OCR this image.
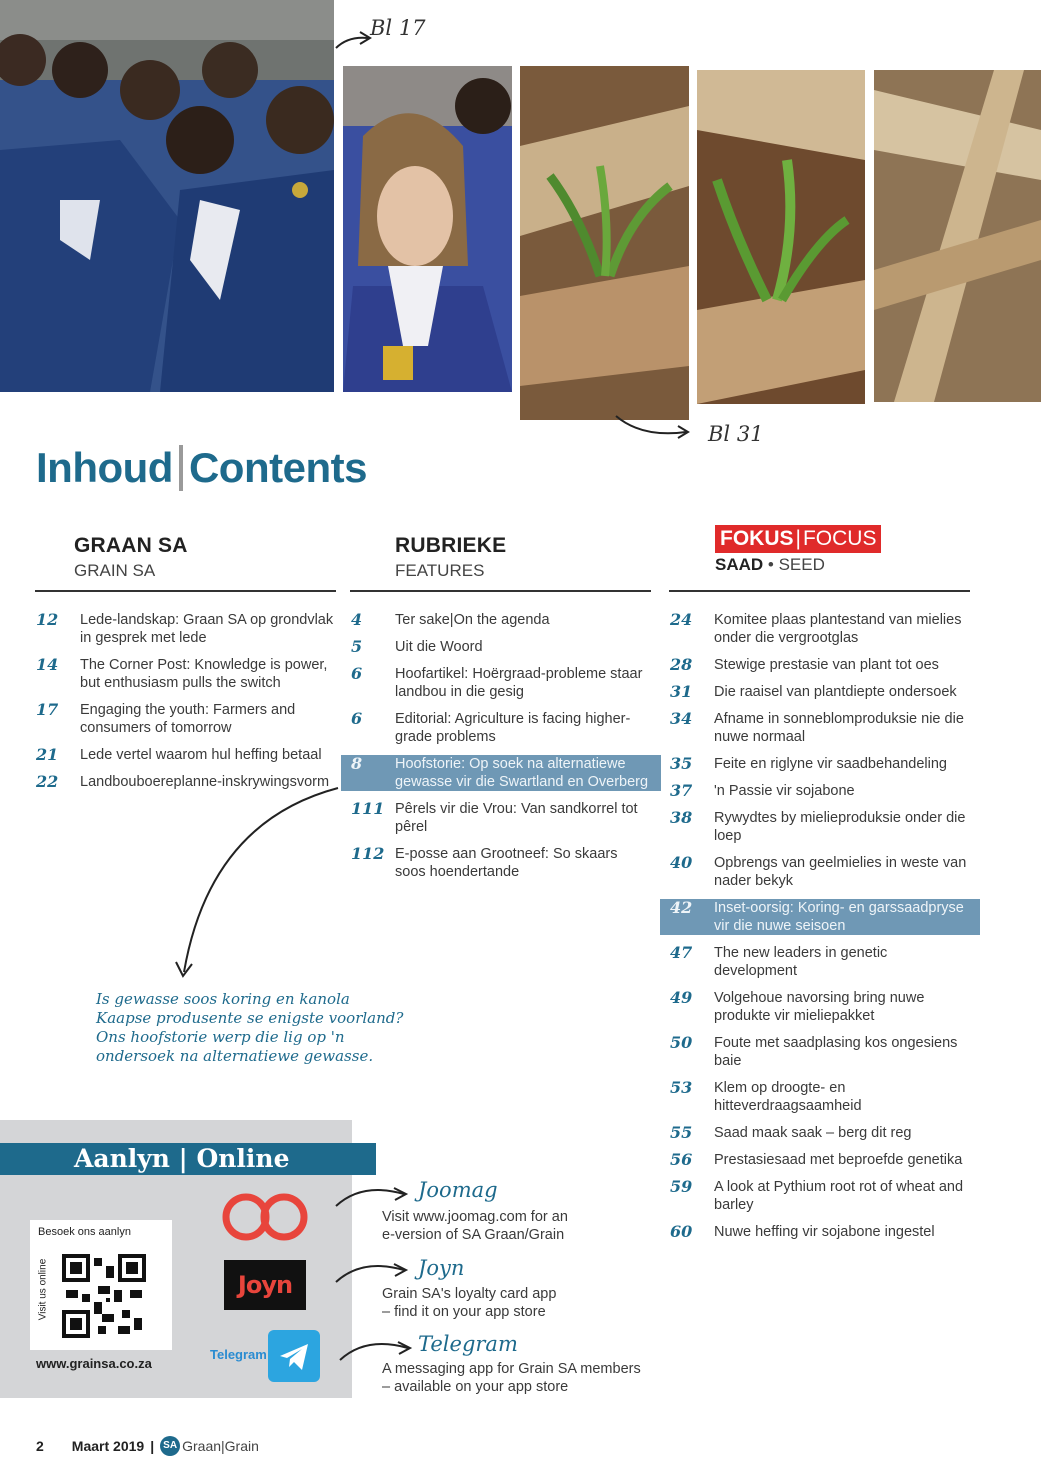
Bl 17
Bl 31
Inhoud Contents
GRAAN SA
GRAIN SA
RUBRIEKE
FEATURES
FOKUS|FOCUS
SAAD • SEED
12	Lede-landskap: Graan SA op grondvlak in gesprek met lede
14	The Corner Post: Knowledge is power, but enthusiasm pulls the switch
17	Engaging the youth: Farmers and consumers of tomorrow
21	Lede vertel waarom hul heffing betaal
22	Landbouboereplanne-inskrywingsvorm
4	Ter sake|On the agenda
5	Uit die Woord
6	Hoofartikel: Hoërgraad-probleme staar landbou in die gesig
6	Editorial: Agriculture is facing higher-grade problems
8	Hoofstorie: Op soek na alternatiewe gewasse vir die Swartland en Overberg
111 Pêrels vir die Vrou: Van sandkorrel tot pêrel
112 E-posse aan Grootneef: So skaars soos hoendertande
24	Komitee plaas plantestand van mielies onder die vergrootglas
28	Stewige prestasie van plant tot oes
31	Die raaisel van plantdiepte ondersoek
34	Afname in sonneblomproduksie nie die nuwe normaal
35	Feite en riglyne vir saadbehandeling
37	'n Passie vir sojabone
38	Rywydtes by mielieproduksie onder die loep
40	Opbrengs van geelmielies in weste van nader bekyk
42	Inset-oorsig: Koring- en garssaadpryse vir die nuwe seisoen
47	The new leaders in genetic development
49	Volgehoue navorsing bring nuwe produkte vir mieliepakket
50	Foute met saadplasing kos ongesiens baie
53	Klem op droogte- en hitteverdraagsaamheid
55	Saad maak saak – berg dit reg
56	Prestasiesaad met beproefde genetika
59	A look at Pythium root rot of wheat and barley
60	Nuwe heffing vir sojabone ingestel
Is gewasse soos koring en kanola Kaapse produsente se enigste voorland? Ons hoofstorie werp die lig op 'n ondersoek na alternatiewe gewasse.
Aanlyn | Online
Besoek ons aanlyn
Visit us online
www.grainsa.co.za
Joyn
Telegram
Joomag
Visit www.joomag.com for an
e-version of SA Graan/Grain
Joyn
Grain SA's loyalty card app
– find it on your app store
Telegram
A messaging app for Grain SA members
– available on your app store
2 Maart 2019 | SA Graan|Grain
